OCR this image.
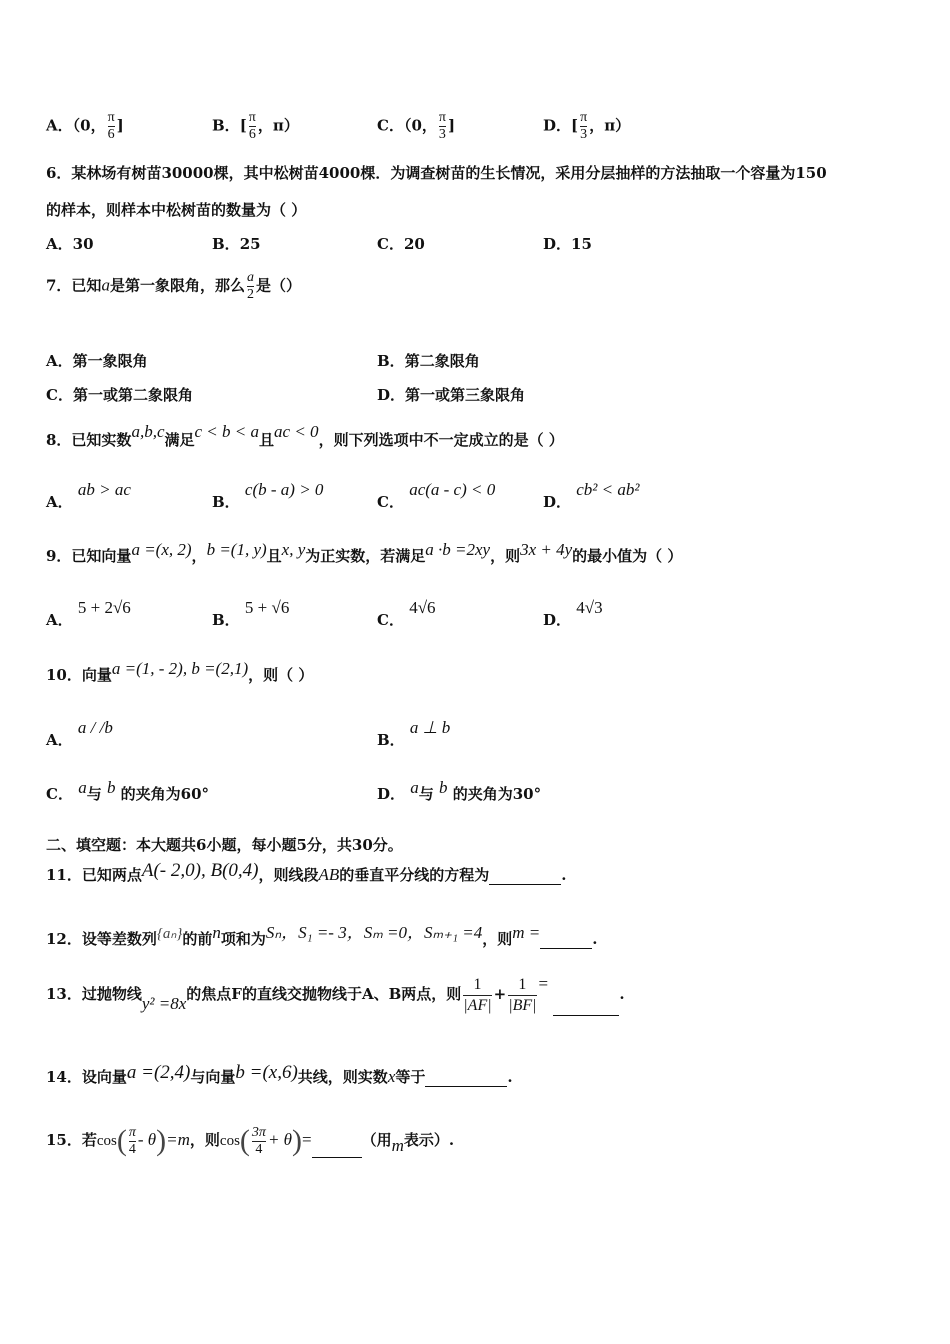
A．（0， $\frac{\pi}{6}$ ]	B．[ $\frac{\pi}{6}$ ，π）	C．（0， $\frac{\pi}{3}$ ]	D．[ $\frac{\pi}{3}$ ，π）
6．某林场有树苗30000棵，其中松树苗4000棵．为调查树苗的生长情况，采用分层抽样的方法抽取一个容量为150
的样本，则样本中松树苗的数量为（ ）
A．30	B．25	C．20	D．15
7．已知a是第一象限角，那么 $\frac{a}{2}$ 是（）
A．第一象限角	B．第二象限角
C．第一或第二象限角	D．第一或第三象限角
8．已知实数a,b,c满足c < b < a且ac < 0，则下列选项中不一定成立的是（ ）
A． ab > ac
B． c(b - a) > 0
C． ac(a - c) < 0
D． cb² < ab²
9．已知向量a =(x, 2)，b =(1, y)且x, y为正实数，若满足a ·b =2xy，则3x + 4y的最小值为（ ）
A． 5 + 2√6
B． 5 + √6
C． 4√6
D． 4√3
10．向量a =(1, - 2), b =(2,1)，则（ ）
A． a / /b
B． a ⊥ b
C． a与 b 的夹角为60°	D． a与 b 的夹角为30°
二、填空题：本大题共6小题，每小题5分，共30分。
11．已知两点A(- 2,0), B(0,4)，则线段AB的垂直平分线的方程为	.
12．设等差数列{aₙ}的前n项和为Sₙ，S₁ =- 3，Sₘ =0，Sₘ₊₁ =4，则m =	.
13．过抛物线y² =8x的焦点F的直线交抛物线于A、B两点，则 $\frac{1}{|AF|} + \frac{1}{|BF|}$ = .
14．设向量a =(2,4)与向量b =(x,6)共线，则实数x等于	.
15．若$\cos( \frac{\pi}{4} - \theta)=m$，则$\cos( \frac{3\pi}{4} + \theta)=$	（用m表示）.
